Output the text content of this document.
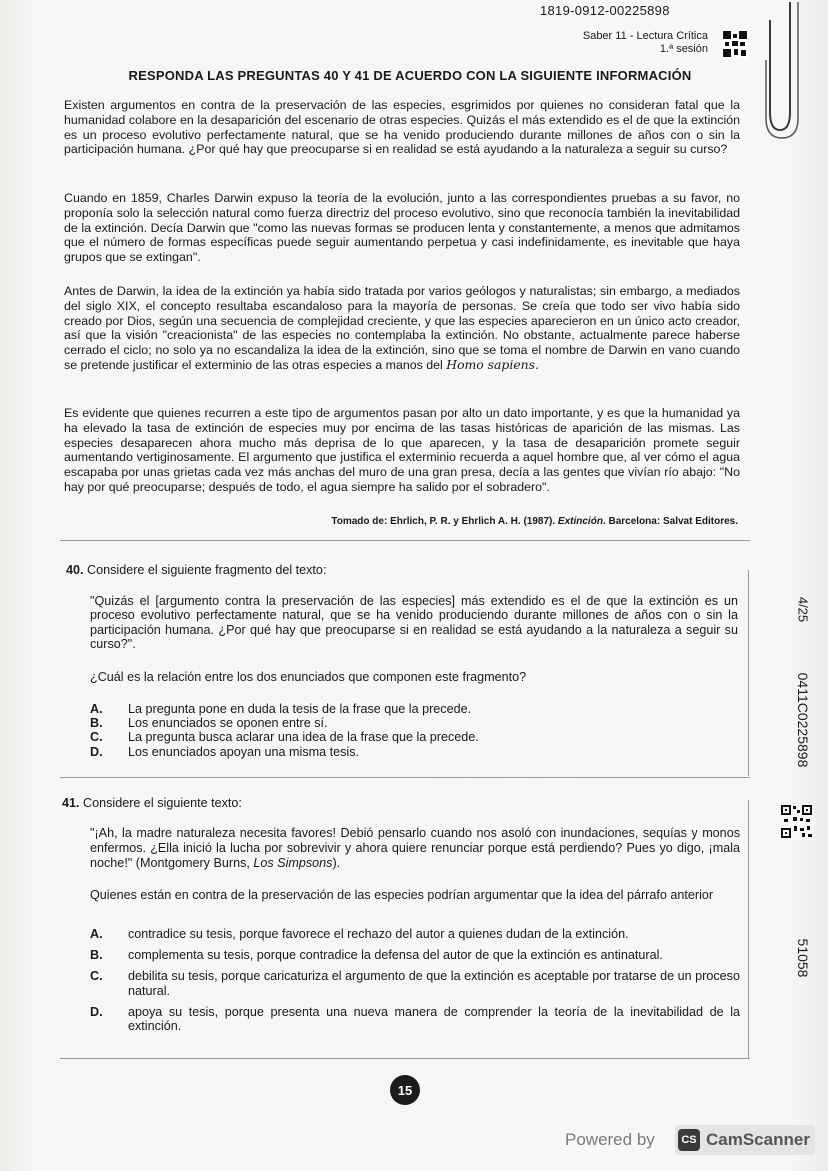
1819-0912-00225898
Saber 11 - Lectura Crítica
1.ª sesión
RESPONDA LAS PREGUNTAS 40 Y 41 DE ACUERDO CON LA SIGUIENTE INFORMACIÓN

Existen argumentos en contra de la preservación de las especies, esgrimidos por quienes no consideran fatal que la humanidad colabore en la desaparición del escenario de otras especies. Quizás el más extendido es el de que la extinción es un proceso evolutivo perfectamente natural, que se ha venido produciendo durante millones de años con o sin la participación humana. ¿Por qué hay que preocuparse si en realidad se está ayudando a la naturaleza a seguir su curso?

Cuando en 1859, Charles Darwin expuso la teoría de la evolución, junto a las correspondientes pruebas a su favor, no proponía solo la selección natural como fuerza directriz del proceso evolutivo, sino que reconocía también la inevitabilidad de la extinción. Decía Darwin que "como las nuevas formas se producen lenta y constantemente, a menos que admitamos que el número de formas específicas puede seguir aumentando perpetua y casi indefinidamente, es inevitable que haya grupos que se extingan".

Antes de Darwin, la idea de la extinción ya había sido tratada por varios geólogos y naturalistas; sin embargo, a mediados del siglo XIX, el concepto resultaba escandaloso para la mayoría de personas. Se creía que todo ser vivo había sido creado por Dios, según una secuencia de complejidad creciente, y que las especies aparecieron en un único acto creador, así que la visión "creacionista" de las especies no contemplaba la extinción. No obstante, actualmente parece haberse cerrado el ciclo; no solo ya no escandaliza la idea de la extinción, sino que se toma el nombre de Darwin en vano cuando se pretende justificar el exterminio de las otras especies a manos del Homo sapiens.

Es evidente que quienes recurren a este tipo de argumentos pasan por alto un dato importante, y es que la humanidad ya ha elevado la tasa de extinción de especies muy por encima de las tasas históricas de aparición de las mismas. Las especies desaparecen ahora mucho más deprisa de lo que aparecen, y la tasa de desaparición promete seguir aumentando vertiginosamente. El argumento que justifica el exterminio recuerda a aquel hombre que, al ver cómo el agua escapaba por unas grietas cada vez más anchas del muro de una gran presa, decía a las gentes que vivían río abajo: "No hay por qué preocuparse; después de todo, el agua siempre ha salido por el sobradero".

Tomado de: Ehrlich, P. R. y Ehrlich A. H. (1987). Extinción. Barcelona: Salvat Editores.
40. Considere el siguiente fragmento del texto:
"Quizás el [argumento contra la preservación de las especies] más extendido es el de que la extinción es un proceso evolutivo perfectamente natural, que se ha venido produciendo durante millones de años con o sin la participación humana. ¿Por qué hay que preocuparse si en realidad se está ayudando a la naturaleza a seguir su curso?".
¿Cuál es la relación entre los dos enunciados que componen este fragmento?
A.	La pregunta pone en duda la tesis de la frase que la precede.
B.	Los enunciados se oponen entre sí.
C.	La pregunta busca aclarar una idea de la frase que la precede.
D.	Los enunciados apoyan una misma tesis.
41. Considere el siguiente texto:
"¡Ah, la madre naturaleza necesita favores! Debió pensarlo cuando nos asoló con inundaciones, sequías y monos enfermos. ¿Ella inició la lucha por sobrevivir y ahora quiere renunciar porque está perdiendo? Pues yo digo, ¡mala noche!" (Montgomery Burns, Los Simpsons).
Quienes están en contra de la preservación de las especies podrían argumentar que la idea del párrafo anterior
A.	contradice su tesis, porque favorece el rechazo del autor a quienes dudan de la extinción.
B.	complementa su tesis, porque contradice la defensa del autor de que la extinción es antinatural.
C.	debilita su tesis, porque caricaturiza el argumento de que la extinción es aceptable por tratarse de un proceso natural.
D.	apoya su tesis, porque presenta una nueva manera de comprender la teoría de la inevitabilidad de la extinción.
4/25
0411C0225898
51058
15
Powered by	CS CamScanner
